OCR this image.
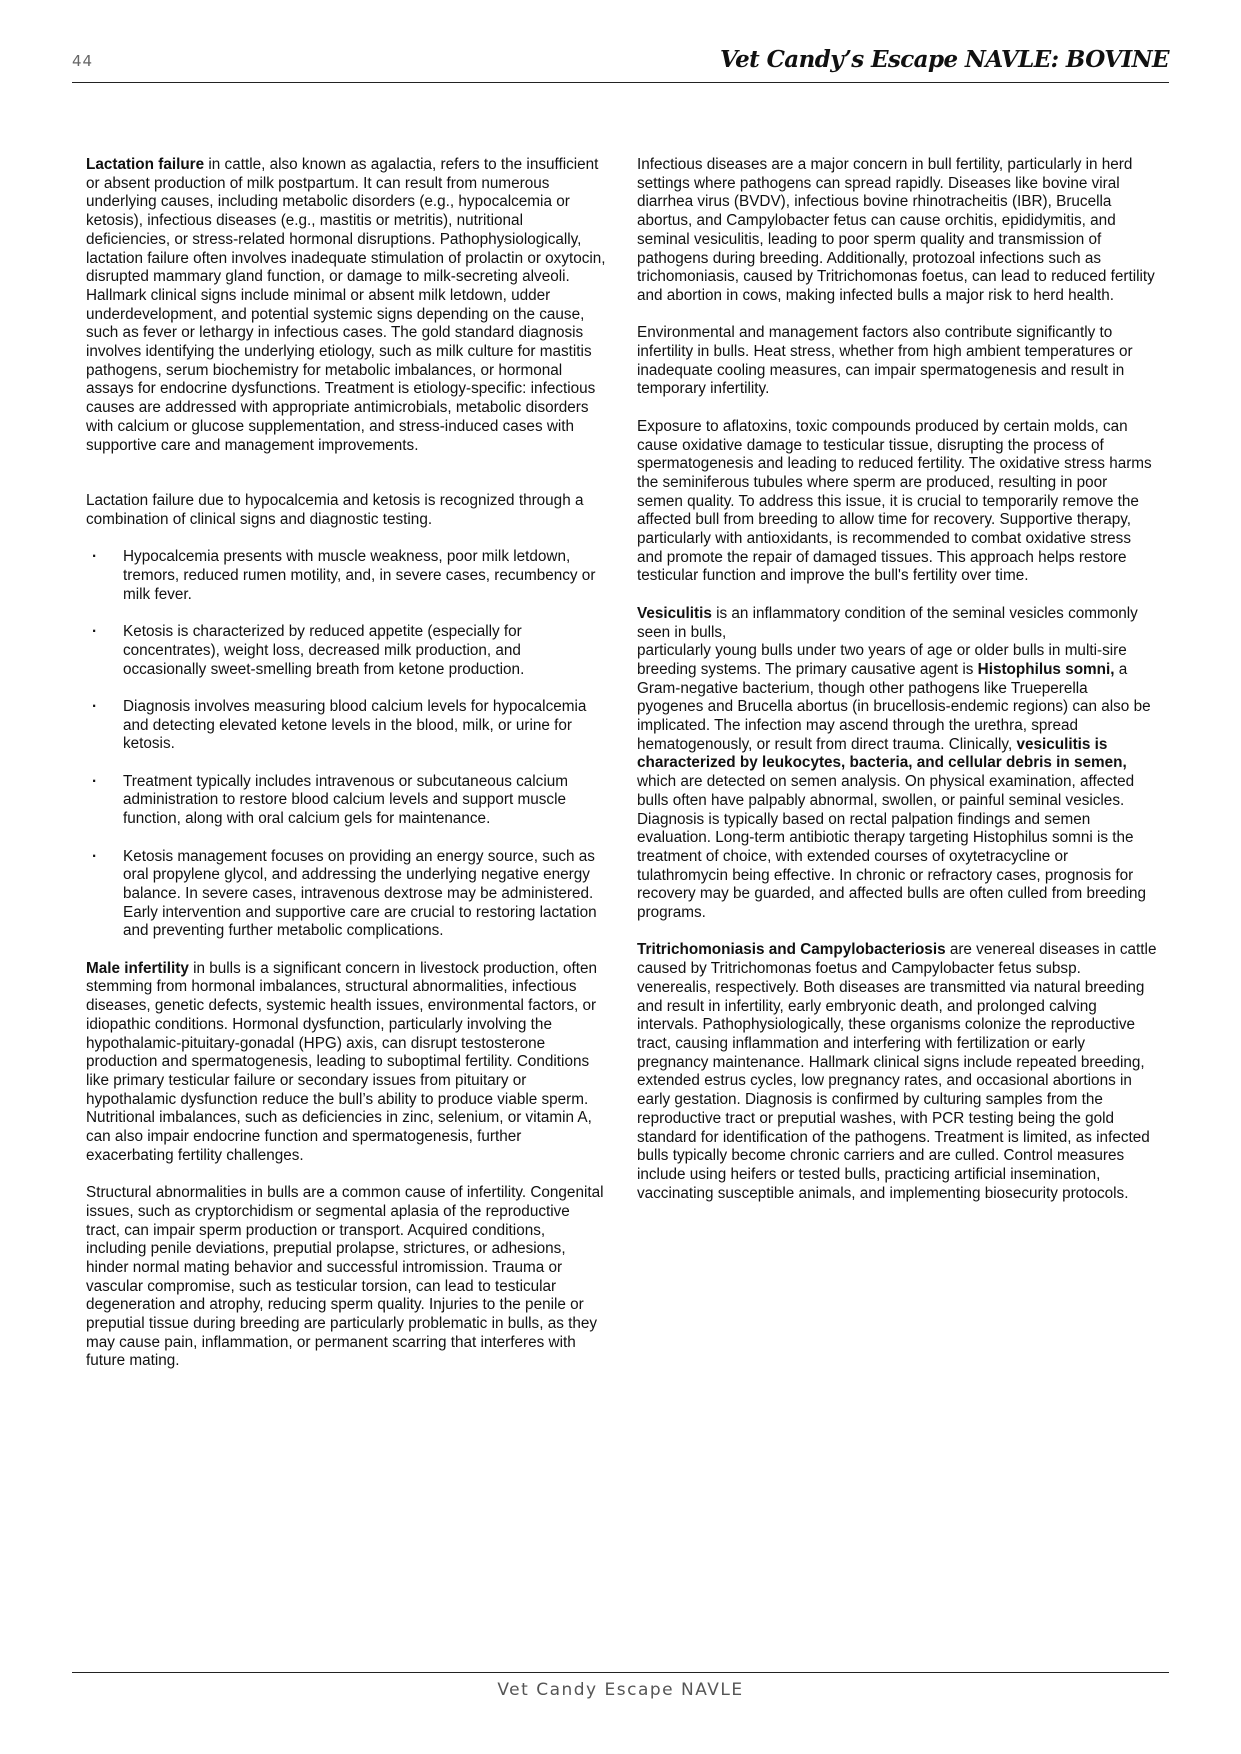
44	Vet Candy’s Escape NAVLE: BOVINE

Lactation failure in cattle, also known as agalactia, refers to the insufficient or absent production of milk postpartum. It can result from numerous underlying causes, including metabolic disorders (e.g., hypocalcemia or ketosis), infectious diseases (e.g., mastitis or metritis), nutritional deficiencies, or stress-related hormonal disruptions. Pathophysiologically, lactation failure often involves inadequate stimulation of prolactin or oxytocin, disrupted mammary gland function, or damage to milk-secreting alveoli. Hallmark clinical signs include minimal or absent milk letdown, udder underdevelopment, and potential systemic signs depending on the cause, such as fever or lethargy in infectious cases. The gold standard diagnosis involves identifying the underlying etiology, such as milk culture for mastitis pathogens, serum biochemistry for metabolic imbalances, or hormonal assays for endocrine dysfunctions. Treatment is etiology-specific: infectious causes are addressed with appropriate antimicrobials, metabolic disorders with calcium or glucose supplementation, and stress-induced cases with supportive care and management improvements.

Lactation failure due to hypocalcemia and ketosis is recognized through a combination of clinical signs and diagnostic testing.

· Hypocalcemia presents with muscle weakness, poor milk letdown, tremors, reduced rumen motility, and, in severe cases, recumbency or milk fever.
· Ketosis is characterized by reduced appetite (especially for concentrates), weight loss, decreased milk production, and occasionally sweet-smelling breath from ketone production.
· Diagnosis involves measuring blood calcium levels for hypocalcemia and detecting elevated ketone levels in the blood, milk, or urine for ketosis.
· Treatment typically includes intravenous or subcutaneous calcium administration to restore blood calcium levels and support muscle function, along with oral calcium gels for maintenance.
· Ketosis management focuses on providing an energy source, such as oral propylene glycol, and addressing the underlying negative energy balance. In severe cases, intravenous dextrose may be administered. Early intervention and supportive care are crucial to restoring lactation and preventing further metabolic complications.

Male infertility in bulls is a significant concern in livestock production, often stemming from hormonal imbalances, structural abnormalities, infectious diseases, genetic defects, systemic health issues, environmental factors, or idiopathic conditions. Hormonal dysfunction, particularly involving the hypothalamic-pituitary-gonadal (HPG) axis, can disrupt testosterone production and spermatogenesis, leading to suboptimal fertility. Conditions like primary testicular failure or secondary issues from pituitary or hypothalamic dysfunction reduce the bull’s ability to produce viable sperm. Nutritional imbalances, such as deficiencies in zinc, selenium, or vitamin A, can also impair endocrine function and spermatogenesis, further exacerbating fertility challenges.

Structural abnormalities in bulls are a common cause of infertility. Congenital issues, such as cryptorchidism or segmental aplasia of the reproductive tract, can impair sperm production or transport. Acquired conditions, including penile deviations, preputial prolapse, strictures, or adhesions, hinder normal mating behavior and successful intromission. Trauma or vascular compromise, such as testicular torsion, can lead to testicular degeneration and atrophy, reducing sperm quality. Injuries to the penile or preputial tissue during breeding are particularly problematic in bulls, as they may cause pain, inflammation, or permanent scarring that interferes with future mating.

Infectious diseases are a major concern in bull fertility, particularly in herd settings where pathogens can spread rapidly. Diseases like bovine viral diarrhea virus (BVDV), infectious bovine rhinotracheitis (IBR), Brucella abortus, and Campylobacter fetus can cause orchitis, epididymitis, and seminal vesiculitis, leading to poor sperm quality and transmission of pathogens during breeding. Additionally, protozoal infections such as trichomoniasis, caused by Tritrichomonas foetus, can lead to reduced fertility and abortion in cows, making infected bulls a major risk to herd health.

Environmental and management factors also contribute significantly to infertility in bulls. Heat stress, whether from high ambient temperatures or inadequate cooling measures, can impair spermatogenesis and result in temporary infertility.

Exposure to aflatoxins, toxic compounds produced by certain molds, can cause oxidative damage to testicular tissue, disrupting the process of spermatogenesis and leading to reduced fertility. The oxidative stress harms the seminiferous tubules where sperm are produced, resulting in poor semen quality. To address this issue, it is crucial to temporarily remove the affected bull from breeding to allow time for recovery. Supportive therapy, particularly with antioxidants, is recommended to combat oxidative stress and promote the repair of damaged tissues. This approach helps restore testicular function and improve the bull's fertility over time.

Vesiculitis is an inflammatory condition of the seminal vesicles commonly seen in bulls,
particularly young bulls under two years of age or older bulls in multi-sire breeding systems. The primary causative agent is Histophilus somni, a Gram-negative bacterium, though other pathogens like Trueperella pyogenes and Brucella abortus (in brucellosis-endemic regions) can also be implicated. The infection may ascend through the urethra, spread hematogenously, or result from direct trauma. Clinically, vesiculitis is characterized by leukocytes, bacteria, and cellular debris in semen, which are detected on semen analysis. On physical examination, affected bulls often have palpably abnormal, swollen, or painful seminal vesicles. Diagnosis is typically based on rectal palpation findings and semen evaluation. Long-term antibiotic therapy targeting Histophilus somni is the treatment of choice, with extended courses of oxytetracycline or tulathromycin being effective. In chronic or refractory cases, prognosis for recovery may be guarded, and affected bulls are often culled from breeding programs.

Tritrichomoniasis and Campylobacteriosis are venereal diseases in cattle caused by Tritrichomonas foetus and Campylobacter fetus subsp. venerealis, respectively. Both diseases are transmitted via natural breeding and result in infertility, early embryonic death, and prolonged calving intervals. Pathophysiologically, these organisms colonize the reproductive tract, causing inflammation and interfering with fertilization or early pregnancy maintenance. Hallmark clinical signs include repeated breeding, extended estrus cycles, low pregnancy rates, and occasional abortions in early gestation. Diagnosis is confirmed by culturing samples from the reproductive tract or preputial washes, with PCR testing being the gold standard for identification of the pathogens. Treatment is limited, as infected bulls typically become chronic carriers and are culled. Control measures include using heifers or tested bulls, practicing artificial insemination, vaccinating susceptible animals, and implementing biosecurity protocols.

Vet Candy Escape NAVLE
